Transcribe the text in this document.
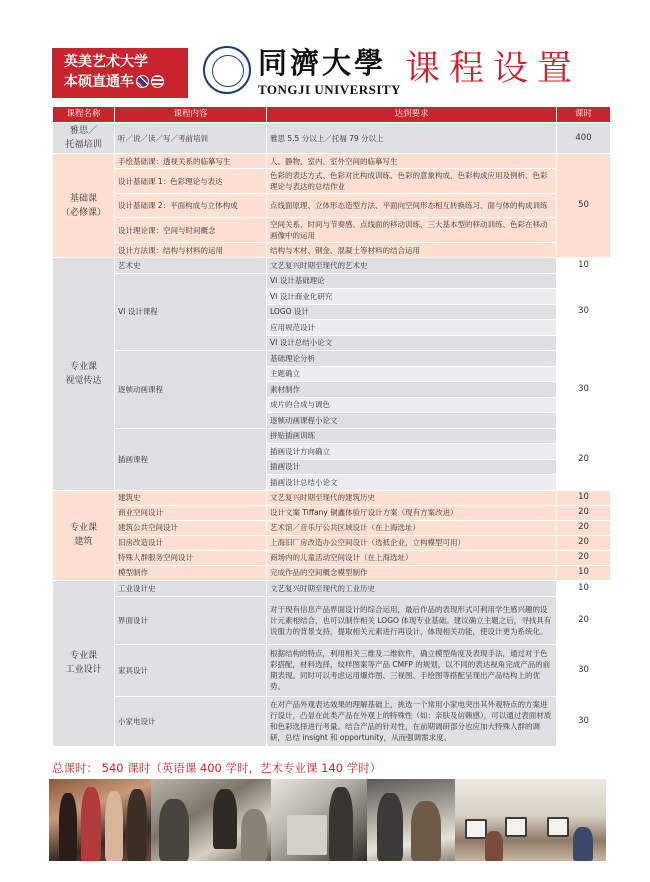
英美艺术大学
本硕直通车
同濟大學
TONGJI UNIVERSITY
课程设置
课程名称	课程内容	达到要求	课时
雅思／
托福培训	听／说／读／写／考前培训	雅思 5.5 分以上／托福 79 分以上	400
基础课
（必修课）	手绘基础课：透视关系的临摹写生	人、静物、室内、室外空间的临摹写生	50
	设计基础课 1：色彩理论与表达	色彩的表达方式、色彩对比构成训练、色彩的意象构成、色彩构成应用及例析、色彩理论与表达的总结作业	
	设计基础课 2：平面构成与立体构成	点线面原理、立体形态造型方法、平面向空间形态相互转换练习、面与体的构成训练	
	设计理论课：空间与时间概念	空间关系、时间与节奏感、点线面的移动训练、三大基本型的移动训练、色彩在移动画像中的运用	
	设计方法课：结构与材料的运用	结构与木材、钢金、混凝土等材料的结合运用	
专业课
视觉传达	艺术史	文艺复兴时期至现代的艺术史	10
	VI 设计课程	VI 设计基础理论	30
		VI 设计商业化研究	
		LOGO 设计	
		应用规范设计	
		VI 设计总结小论文	
	逐帧动画课程	基础理论分析	30
		主题确立	
		素材制作	
		成片的合成与调色	
		逐帧动画课程小论文	
	插画课程	拼贴插画训练	20
		插画设计方向确立	
		插画设计	
		插画设计总结小论文	
专业课
建筑	建筑史	文艺复兴时期至现代的建筑历史	10
	商业空间设计	设计文案 Tiffany 铜鑫体验厅设计方案（现有方案改进）	20
	建筑公共空间设计	艺术馆／音乐厅公共区域设计（在上海选址）	20
	旧房改造设计	上海旧厂房改造办公空间设计（选抵企业，立构模型可用）	20
	特殊人群服务空间设计	商场内的儿童活动空间设计（在上海选址）	20
	模型制作	完成作品的空间概念模型制作	10
专业课
工业设计	工业设计史	文艺复兴时期至现代的工业历史	10
	界面设计	对于现有信息产品界面设计的综合运用，最后作品的表现形式可利用学生感兴趣的设计元素相结合，也可以制作相关 LOGO 体现专业基础。建议确立主题之后，寻找具有说服力的背景支持，提取相关元素进行再设计，体现相关功能，使设计更为系统化。	20
	家具设计	根据结构的特点，利用相关三维及二维软件，确立模型角度及表现手法，通过对于色彩搭配，材料选择，纹样图案等产品 CMFP 的规划，以不同的表达视角完成产品的前期表现。同时可以考虑运用爆炸图、三视图、手绘图等搭配呈现出产品结构上的优势。	30
	小家电设计	在对产品外观表达效果的理解基础上，挑选一个常用小家电突出其外观特点的方案进行设计，凸显在此类产品在外观上的特殊性（如：亲肤及信赖感），可以通过表面材质和色彩选择进行考量。结合产品的针对性，在前期调研部分也应加大特殊人群的调研，总结 insight 和 opportunity，从而强调需求度。	30
总课时： 540 课时（英语课 400 学时，艺术专业课 140 学时）
